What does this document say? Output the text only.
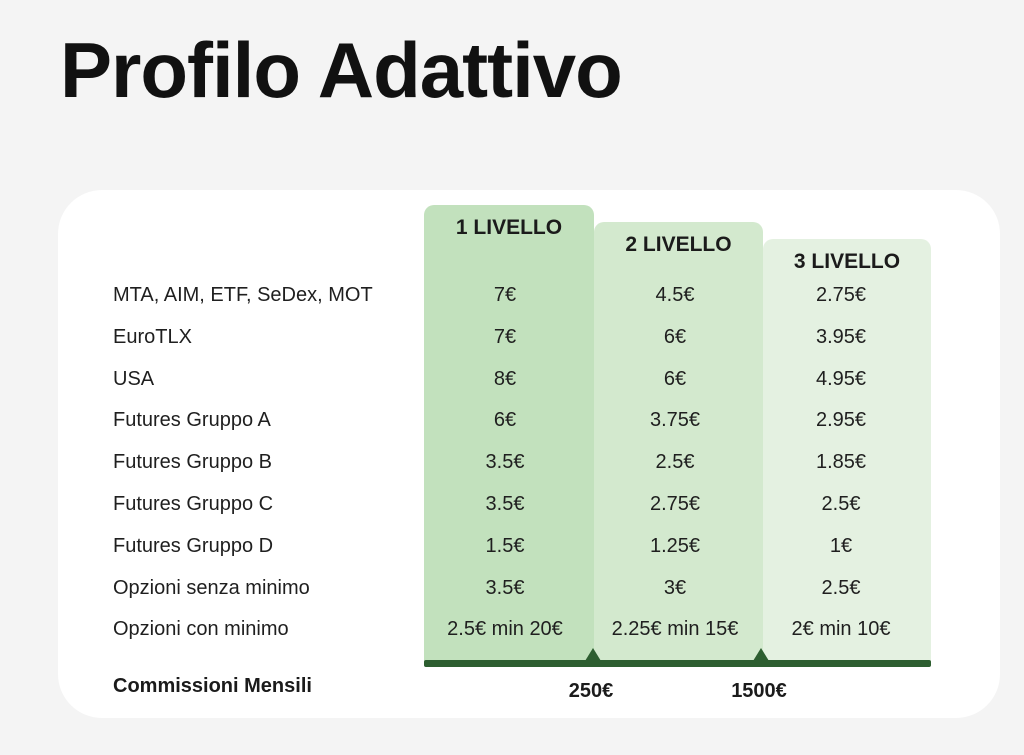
Profilo Adattivo
1 LIVELLO
2 LIVELLO
3 LIVELLO
MTA, AIM, ETF, SeDex, MOT	7€	4.5€	2.75€
EuroTLX	7€	6€	3.95€
USA	8€	6€	4.95€
Futures Gruppo A	6€	3.75€	2.95€
Futures Gruppo B	3.5€	2.5€	1.85€
Futures Gruppo C	3.5€	2.75€	2.5€
Futures Gruppo D	1.5€	1.25€	1€
Opzioni senza minimo	3.5€	3€	2.5€
Opzioni con minimo	2.5€ min 20€	2.25€ min 15€	2€ min 10€
Commissioni Mensili	250€	1500€
